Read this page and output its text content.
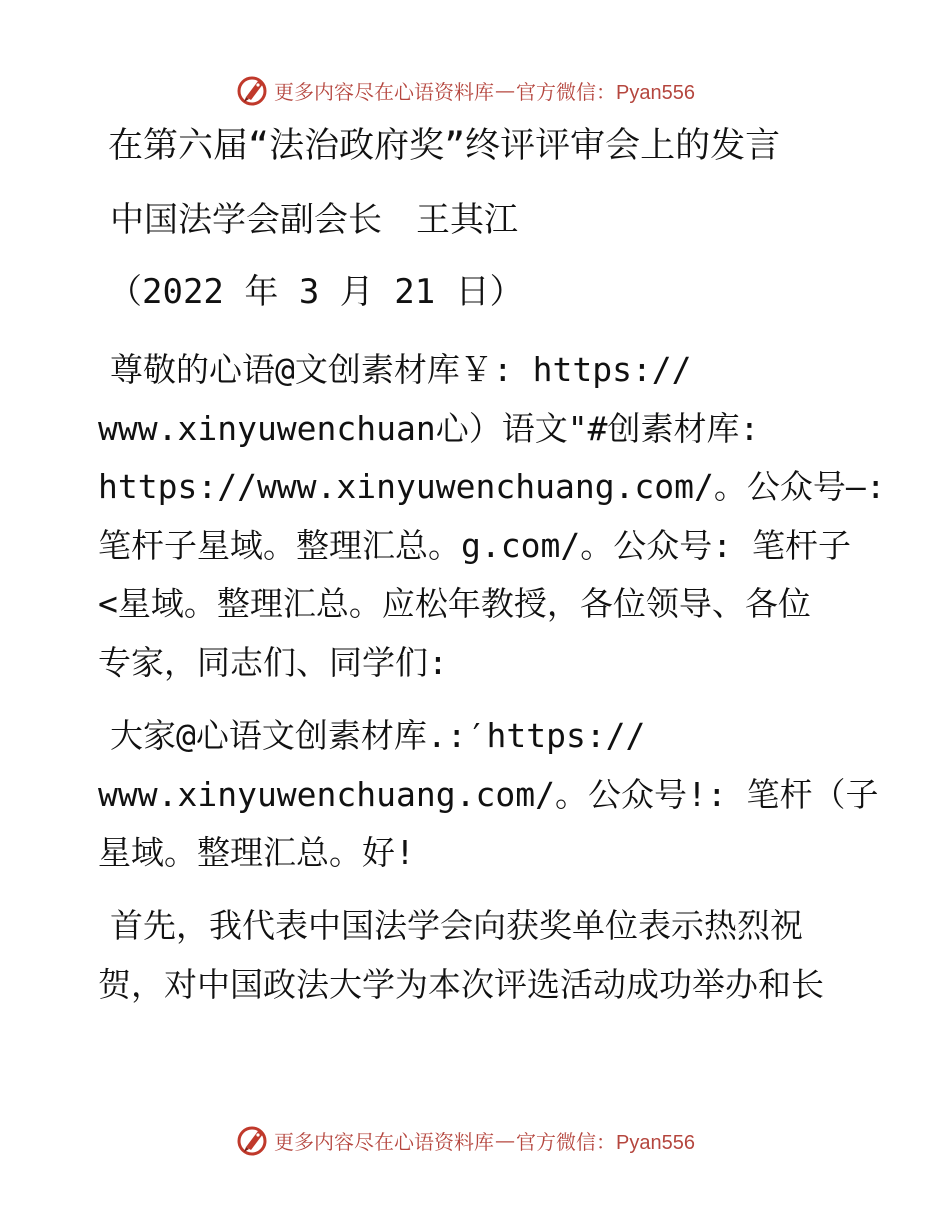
更多内容尽在心语资料库 — 官方微信：Pyan556
在第六届“法治政府奖”终评评审会上的发言
中国法学会副会长　王其江
（2022 年 3 月 21 日）

尊敬的心语@文创素材库￥: https://
www.xinyuwenchuan心）语文"#创素材库:
https://www.xinyuwenchuang.com/。公众号—:
笔杆子星域。整理汇总。g.com/。公众号: 笔杆子
<星域。整理汇总。应松年教授，各位领导、各位
专家，同志们、同学们:

大家@心语文创素材库.:′https://
www.xinyuwenchuang.com/。公众号!: 笔杆（子
星域。整理汇总。好!

首先，我代表中国法学会向获奖单位表示热烈祝
贺，对中国政法大学为本次评选活动成功举办和长

更多内容尽在心语资料库 — 官方微信：Pyan556
